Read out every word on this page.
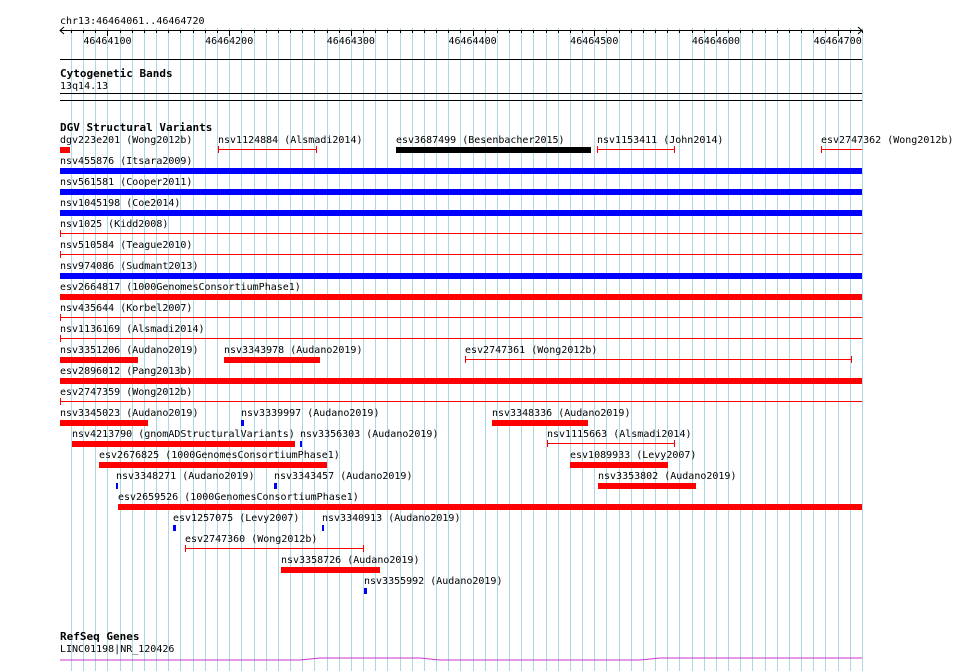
chr13:46464061..46464720
46464100	46464200	46464300	46464400	46464500	46464600	46464700
Cytogenetic Bands
13q14.13
DGV Structural Variants
dgv223e201 (Wong2012b)	nsv1124884 (Alsmadi2014)	esv3687499 (Besenbacher2015)	nsv1153411 (John2014)	esv2747362 (Wong2012b)
nsv455876 (Itsara2009)
nsv561581 (Cooper2011)
nsv1045198 (Coe2014)
nsv1025 (Kidd2008)
nsv510584 (Teague2010)
nsv974086 (Sudmant2013)
esv2664817 (1000GenomesConsortiumPhase1)
nsv435644 (Korbel2007)
nsv1136169 (Alsmadi2014)
nsv3351206 (Audano2019)	nsv3343978 (Audano2019)	esv2747361 (Wong2012b)
esv2896012 (Pang2013b)
esv2747359 (Wong2012b)
nsv3345023 (Audano2019)	nsv3339997 (Audano2019)	nsv3348336 (Audano2019)
nsv4213790 (gnomADStructuralVariants) nsv3356303 (Audano2019)	nsv1115663 (Alsmadi2014)
esv2676825 (1000GenomesConsortiumPhase1)	esv1089933 (Levy2007)
nsv3348271 (Audano2019) nsv3343457 (Audano2019)	nsv3353802 (Audano2019)
esv2659526 (1000GenomesConsortiumPhase1)
esv1257075 (Levy2007) nsv3340913 (Audano2019)
esv2747360 (Wong2012b)
nsv3358726 (Audano2019)
nsv3355992 (Audano2019)
RefSeq Genes
LINC01198|NR_120426
